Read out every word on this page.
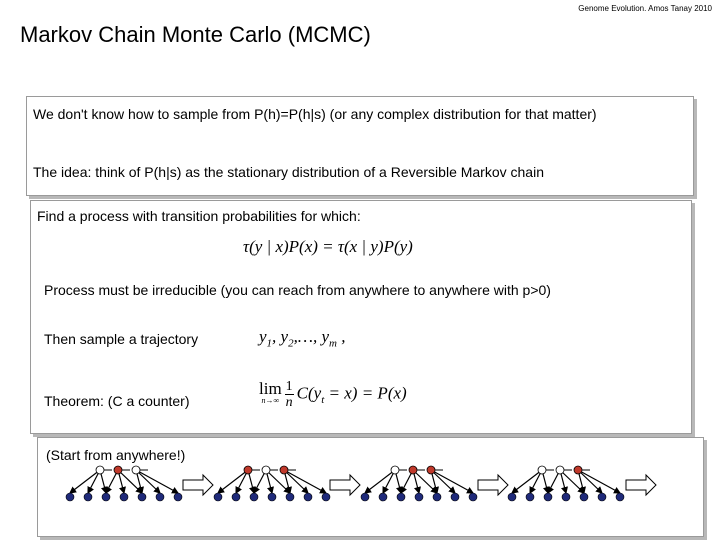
Genome Evolution. Amos Tanay 2010
Markov Chain Monte Carlo (MCMC)
We don't know how to sample from P(h)=P(h|s) (or any complex distribution for that matter)
The idea: think of P(h|s) as the stationary distribution of a Reversible Markov chain
Find a process with transition probabilities for which:
τ(y | x)P(x) = τ(x | y)P(y)
Process must be irreducible (you can reach from anywhere to anywhere with p>0)
Then sample a trajectory	$y_1$, $y_2,\dots$, $y_m$ ,
Theorem: (C a counter)
lim
$n\to\infty \frac{1}{n} C(y_t = x) = P(x)$
(Start from anywhere!)
